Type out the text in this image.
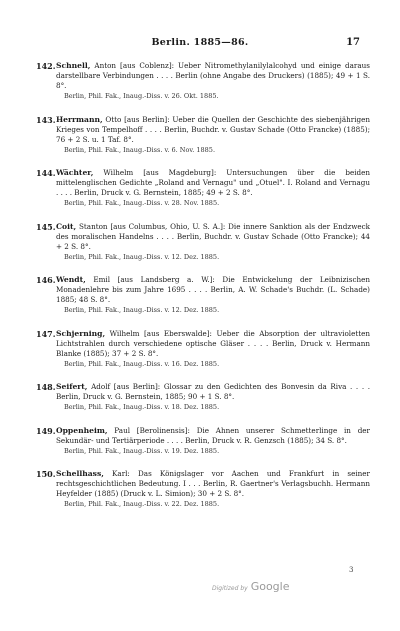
Berlin. 1885—86.	17
142. Schnell, Anton [aus Coblenz]: Ueber Nitromethylanilylalcohyd und einige daraus darstellbare Verbindungen . . . . Berlin (ohne Angabe des Druckers) (1885); 49 + 1 S. 8°.
Berlin, Phil. Fak., Inaug.-Diss. v. 26. Okt. 1885.
143. Herrmann, Otto [aus Berlin]: Ueber die Quellen der Geschichte des siebenjährigen Krieges von Tempelhoff . . . . Berlin, Buchdr. v. Gustav Schade (Otto Francke) (1885); 76 + 2 S. u. 1 Taf. 8°.
Berlin, Phil. Fak., Inaug.-Diss. v. 6. Nov. 1885.
144. Wächter, Wilhelm [aus Magdeburg]: Untersuchungen über die beiden mittelenglischen Gedichte „Roland and Vernagu" und „Otuel". I. Roland and Vernagu . . . . Berlin, Druck v. G. Bernstein, 1885; 49 + 2 S. 8°.
Berlin, Phil. Fak., Inaug.-Diss. v. 28. Nov. 1885.
145. Coit, Stanton [aus Columbus, Ohio, U. S. A.]: Die innere Sanktion als der Endzweck des moralischen Handelns . . . . Berlin, Buchdr. v. Gustav Schade (Otto Francke); 44 + 2 S. 8°.
Berlin, Phil. Fak., Inaug.-Diss. v. 12. Dez. 1885.
146. Wendt, Emil [aus Landsberg a. W.]: Die Entwickelung der Leibnizischen Monadenlehre bis zum Jahre 1695 . . . . Berlin, A. W. Schade's Buchdr. (L. Schade) 1885; 48 S. 8°.
Berlin, Phil. Fak., Inaug.-Diss. v. 12. Dez. 1885.
147. Schjerning, Wilhelm [aus Eberswalde]: Ueber die Absorption der ultravioletten Lichtstrahlen durch verschiedene optische Gläser . . . . Berlin, Druck v. Hermann Blanke (1885); 37 + 2 S. 8°.
Berlin, Phil. Fak., Inaug.-Diss. v. 16. Dez. 1885.
148. Seifert, Adolf [aus Berlin]: Glossar zu den Gedichten des Bonvesin da Riva . . . . Berlin, Druck v. G. Bernstein, 1885; 90 + 1 S. 8°.
Berlin, Phil. Fak., Inaug.-Diss. v. 18. Dez. 1885.
149. Oppenheim, Paul [Berolinensis]: Die Ahnen unserer Schmetterlinge in der Sekundär- und Tertiärperiode . . . . Berlin, Druck v. R. Genzsch (1885); 34 S. 8°.
Berlin, Phil. Fak., Inaug.-Diss. v. 19. Dez. 1885.
150. Schellhass, Karl: Das Königslager vor Aachen und Frankfurt in seiner rechtsgeschichtlichen Bedeutung. I . . . Berlin, R. Gaertner's Verlagsbuchh. Hermann Heyfelder (1885) (Druck v. L. Simion); 30 + 2 S. 8°.
Berlin, Phil. Fak., Inaug.-Diss. v. 22. Dez. 1885.
3
Digitized by Google
